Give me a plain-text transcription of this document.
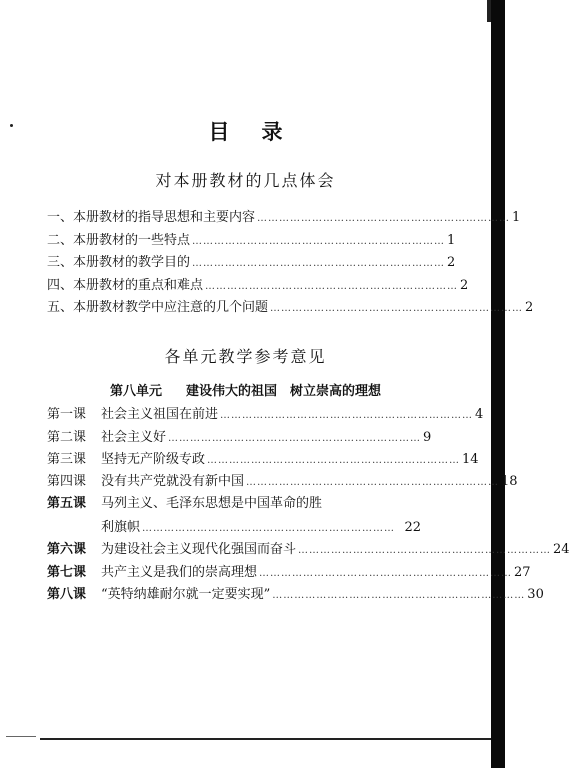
目 录
对本册教材的几点体会
一、本册教材的指导思想和主要内容 …………………………………………………………… 1
二、本册教材的一些特点 …………………………………………………………… 1
三、本册教材的教学目的 …………………………………………………………… 2
四、本册教材的重点和难点 …………………………………………………………… 2
五、本册教材教学中应注意的几个问题 …………………………………………………………… 2
各单元教学参考意见
第八单元 建设伟大的祖国　树立崇高的理想
第一课	社会主义祖国在前进 …………………………………………………………… 4
第二课	社会主义好 …………………………………………………………… 9
第三课	坚持无产阶级专政 …………………………………………………………… 14
第四课	没有共产党就没有新中国 …………………………………………………………… 18
第五课	马列主义、毛泽东思想是中国革命的胜
利旗帜 …………………………………………………………… 22
第六课	为建设社会主义现代化强国而奋斗 …………………………………………………………… 24
第七课	共产主义是我们的崇高理想 …………………………………………………………… 27
第八课	“英特纳雄耐尔就一定要实现” …………………………………………………………… 30
